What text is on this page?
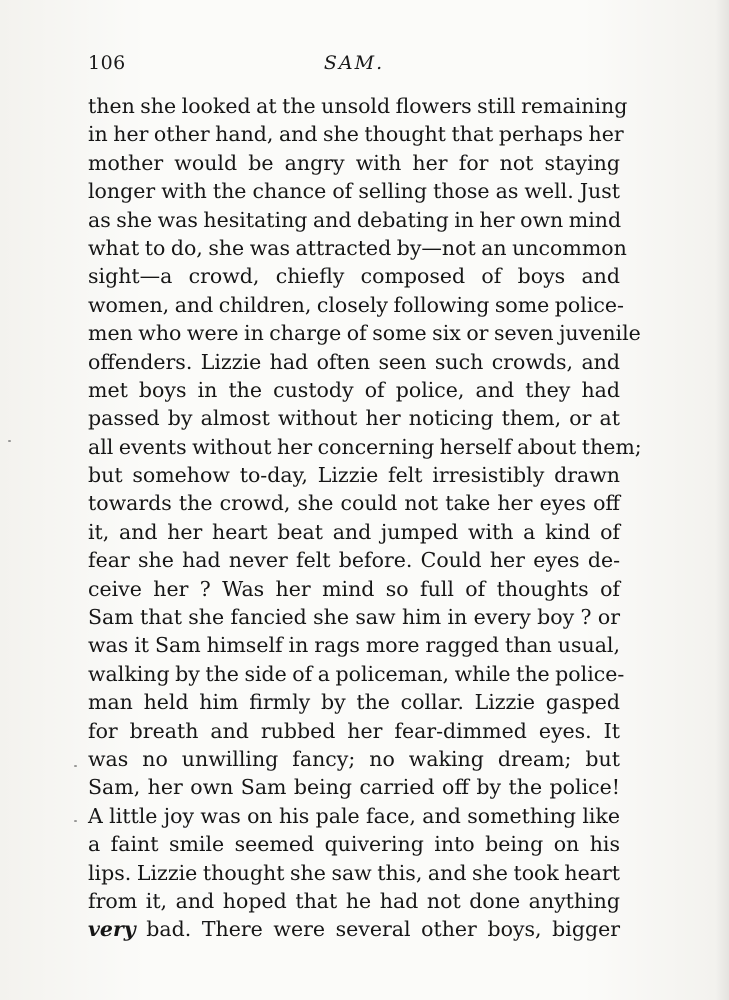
106	SAM.
then she looked at the unsold flowers still remaining
in her other hand, and she thought that perhaps her
mother would be angry with her for not staying
longer with the chance of selling those as well. Just
as she was hesitating and debating in her own mind
what to do, she was attracted by—not an uncommon
sight—a crowd, chiefly composed of boys and
women, and children, closely following some police-
men who were in charge of some six or seven juvenile
offenders. Lizzie had often seen such crowds, and
met boys in the custody of police, and they had
passed by almost without her noticing them, or at
all events without her concerning herself about them;
but somehow to-day, Lizzie felt irresistibly drawn
towards the crowd, she could not take her eyes off
it, and her heart beat and jumped with a kind of
fear she had never felt before. Could her eyes de-
ceive her ? Was her mind so full of thoughts of
Sam that she fancied she saw him in every boy ? or
was it Sam himself in rags more ragged than usual,
walking by the side of a policeman, while the police-
man held him firmly by the collar. Lizzie gasped
for breath and rubbed her fear-dimmed eyes. It
was no unwilling fancy; no waking dream; but
Sam, her own Sam being carried off by the police!
A little joy was on his pale face, and something like
a faint smile seemed quivering into being on his
lips. Lizzie thought she saw this, and she took heart
from it, and hoped that he had not done anything
very bad. There were several other boys, bigger
